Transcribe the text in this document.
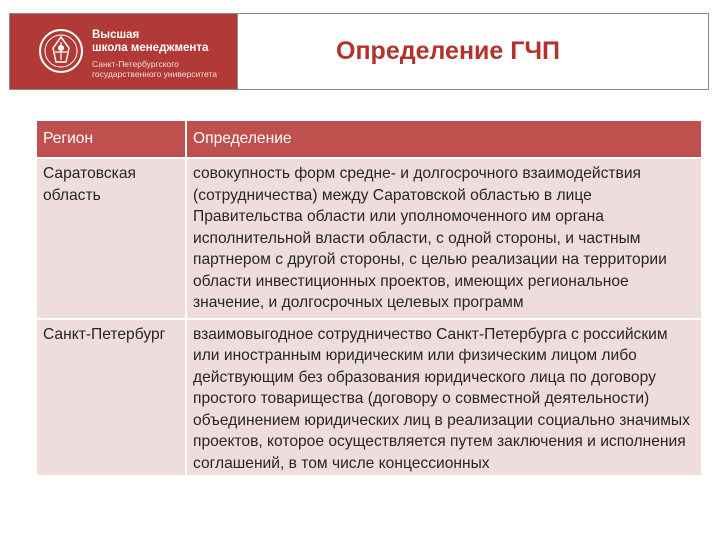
Высшая
школа менеджмента
Санкт-Петербургского
государственного университета
Определение ГЧП
Регион	Определение
Саратовская область	совокупность форм средне- и долгосрочного взаимодействия (сотрудничества) между Саратовской областью в лице Правительства области или уполномоченного им органа исполнительной власти области, с одной стороны, и частным партнером с другой стороны, с целью реализации на территории области инвестиционных проектов, имеющих региональное значение, и долгосрочных целевых программ
Санкт-Петербург	взаимовыгодное сотрудничество Санкт-Петербурга с российским или иностранным юридическим или физическим лицом либо действующим без образования юридического лица по договору простого товарищества (договору о совместной деятельности) объединением юридических лиц в реализации социально значимых проектов, которое осуществляется путем заключения и исполнения соглашений, в том числе концессионных
